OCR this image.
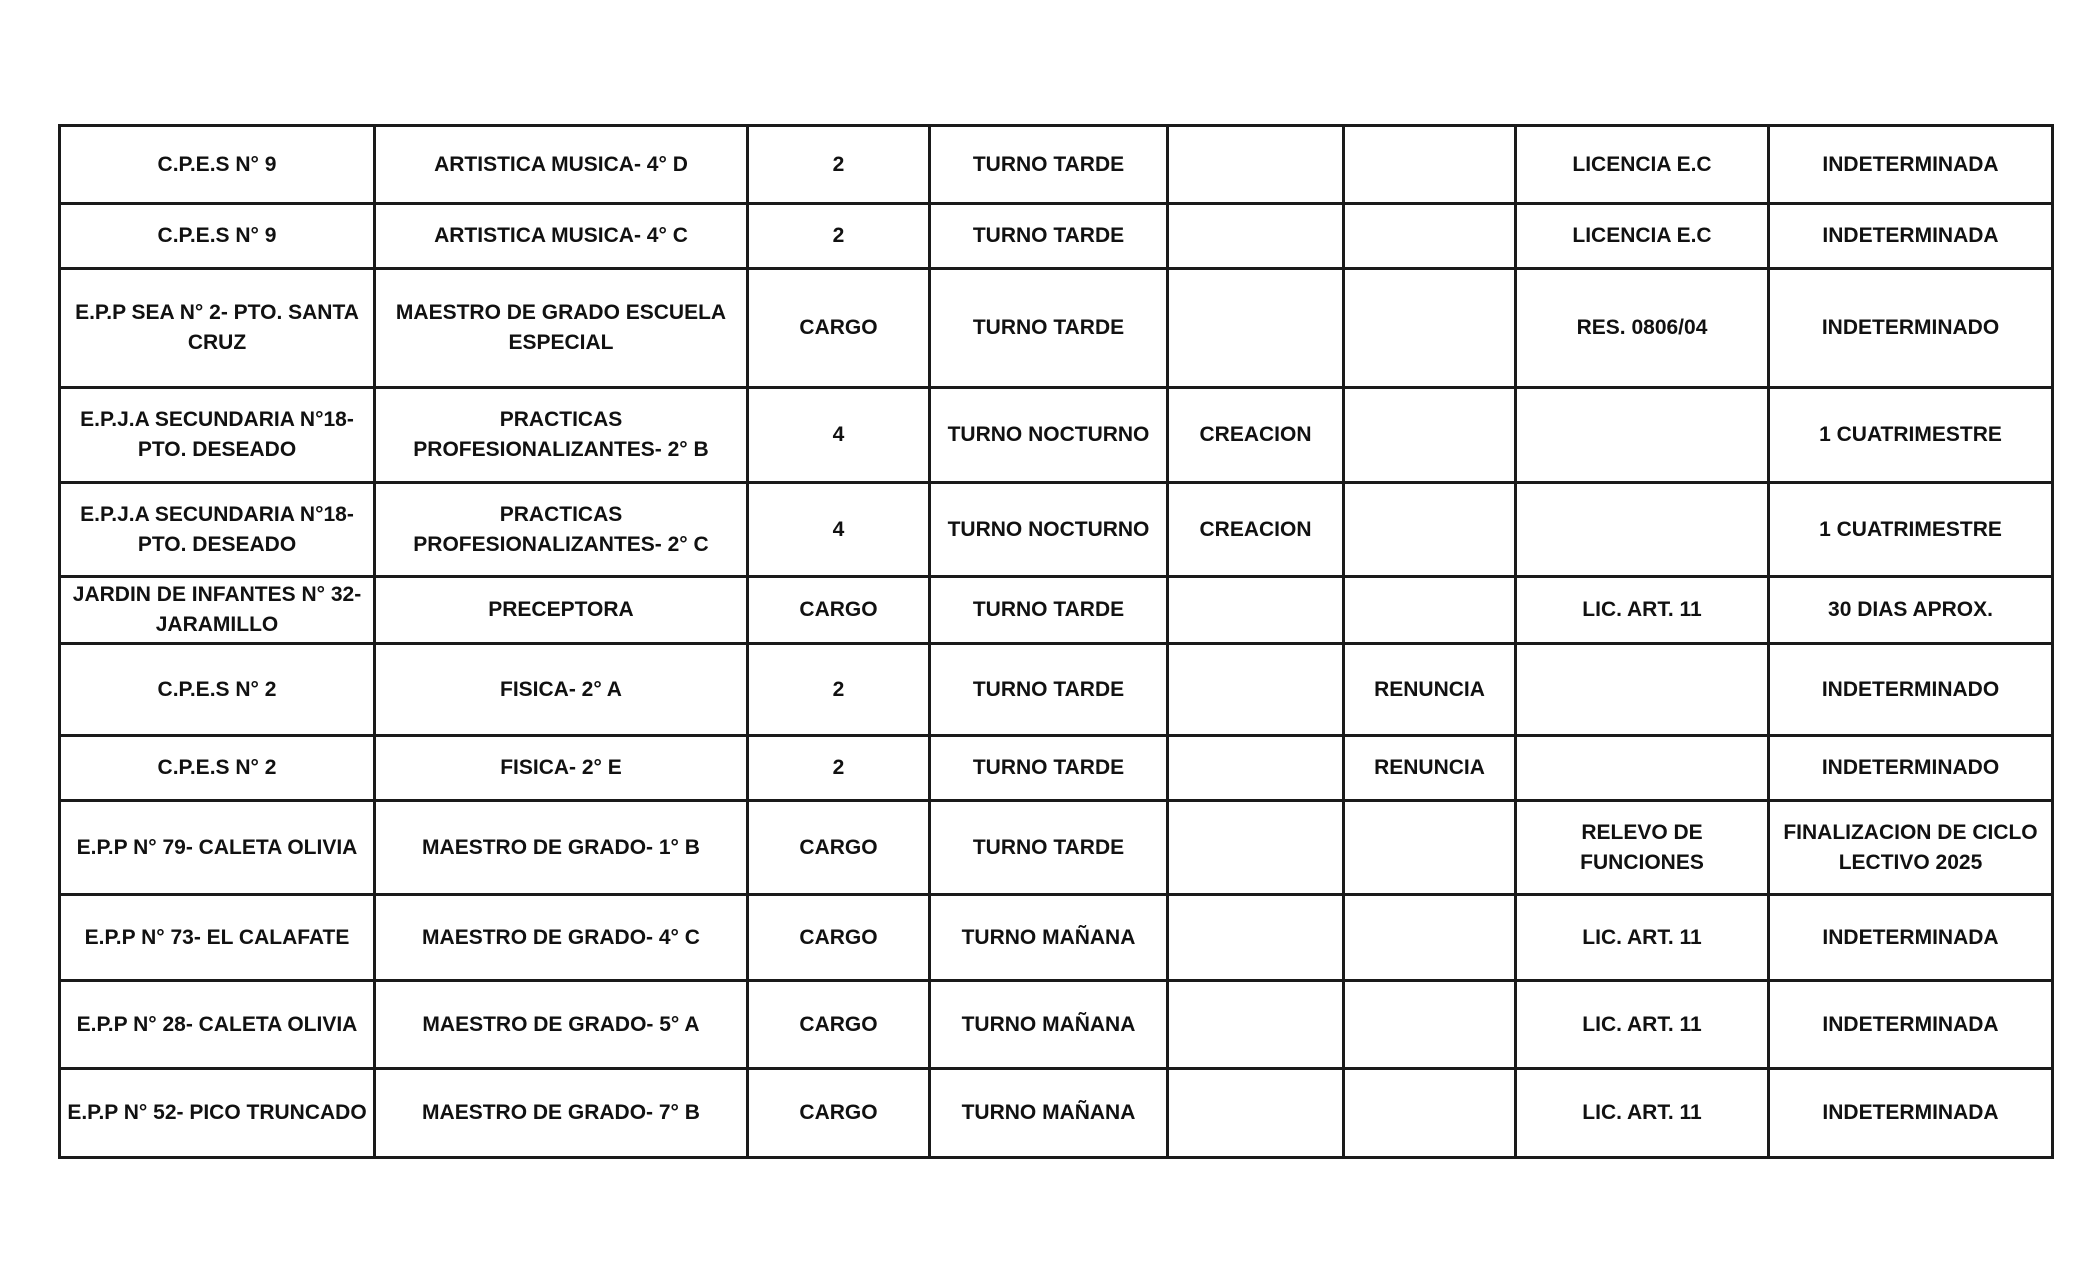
C.P.E.S N° 9	ARTISTICA MUSICA- 4° D	2	TURNO TARDE			LICENCIA E.C	INDETERMINADA
C.P.E.S N° 9	ARTISTICA MUSICA- 4° C	2	TURNO TARDE			LICENCIA E.C	INDETERMINADA
E.P.P SEA N° 2- PTO. SANTA CRUZ	MAESTRO DE GRADO ESCUELA ESPECIAL	CARGO	TURNO TARDE			RES. 0806/04	INDETERMINADO
E.P.J.A SECUNDARIA N°18- PTO. DESEADO	PRACTICAS PROFESIONALIZANTES- 2° B	4	TURNO NOCTURNO	CREACION			1 CUATRIMESTRE
E.P.J.A SECUNDARIA N°18- PTO. DESEADO	PRACTICAS PROFESIONALIZANTES- 2° C	4	TURNO NOCTURNO	CREACION			1 CUATRIMESTRE
JARDIN DE INFANTES N° 32- JARAMILLO	PRECEPTORA	CARGO	TURNO TARDE			LIC. ART. 11	30 DIAS APROX.
C.P.E.S N° 2	FISICA- 2° A	2	TURNO TARDE		RENUNCIA		INDETERMINADO
C.P.E.S N° 2	FISICA- 2° E	2	TURNO TARDE		RENUNCIA		INDETERMINADO
E.P.P N° 79- CALETA OLIVIA	MAESTRO DE GRADO- 1° B	CARGO	TURNO TARDE			RELEVO DE FUNCIONES	FINALIZACION DE CICLO LECTIVO 2025
E.P.P N° 73- EL CALAFATE	MAESTRO DE GRADO- 4° C	CARGO	TURNO MAÑANA			LIC. ART. 11	INDETERMINADA
E.P.P N° 28- CALETA OLIVIA	MAESTRO DE GRADO- 5° A	CARGO	TURNO MAÑANA			LIC. ART. 11	INDETERMINADA
E.P.P N° 52- PICO TRUNCADO	MAESTRO DE GRADO- 7° B	CARGO	TURNO MAÑANA			LIC. ART. 11	INDETERMINADA
